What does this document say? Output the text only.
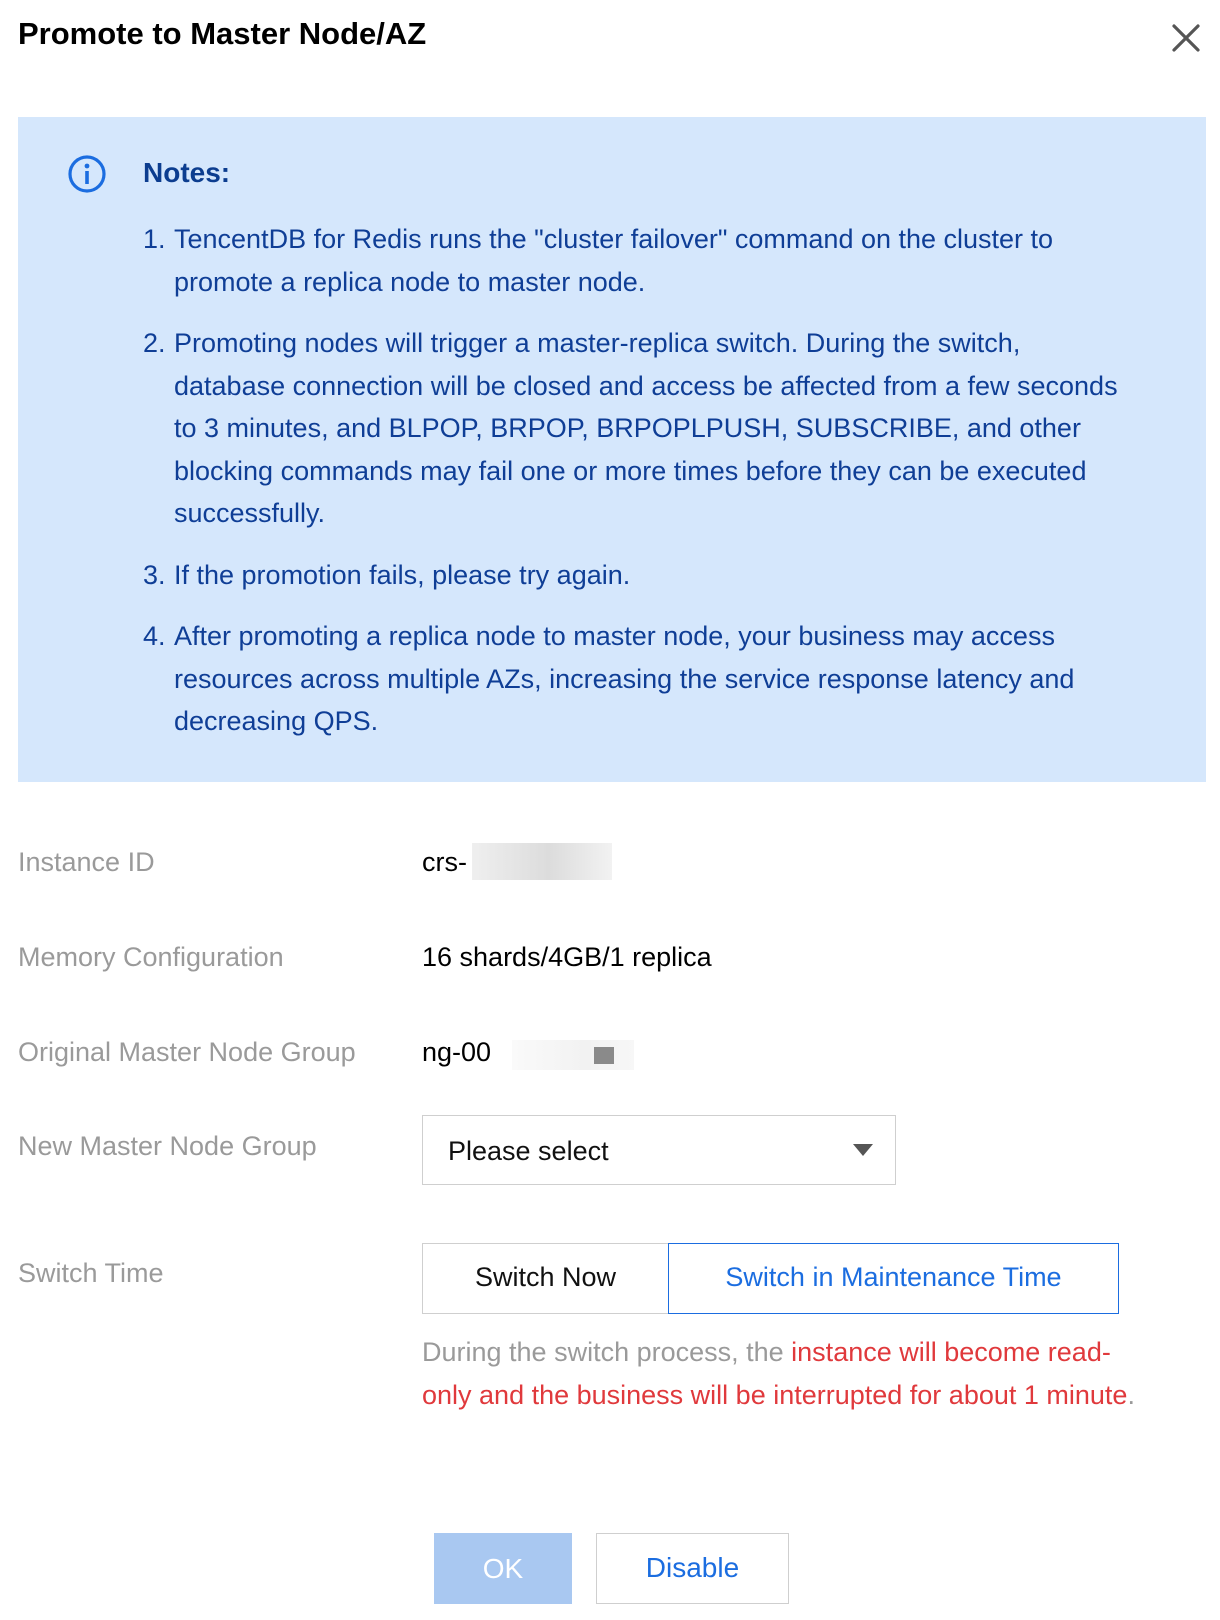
Promote to Master Node/AZ
Notes:
1. TencentDB for Redis runs the "cluster failover" command on the cluster to promote a replica node to master node.
2. Promoting nodes will trigger a master-replica switch. During the switch, database connection will be closed and access be affected from a few seconds to 3 minutes, and BLPOP, BRPOP, BRPOPLPUSH, SUBSCRIBE, and other blocking commands may fail one or more times before they can be executed successfully.
3. If the promotion fails, please try again.
4. After promoting a replica node to master node, your business may access resources across multiple AZs, increasing the service response latency and decreasing QPS.
Instance ID	crs-
Memory Configuration	16 shards/4GB/1 replica
Original Master Node Group ng-00
New Master Node Group	Please select
Switch Time	Switch Now	Switch in Maintenance Time
During the switch process, the instance will become read-only and the business will be interrupted for about 1 minute.
OK	Disable
